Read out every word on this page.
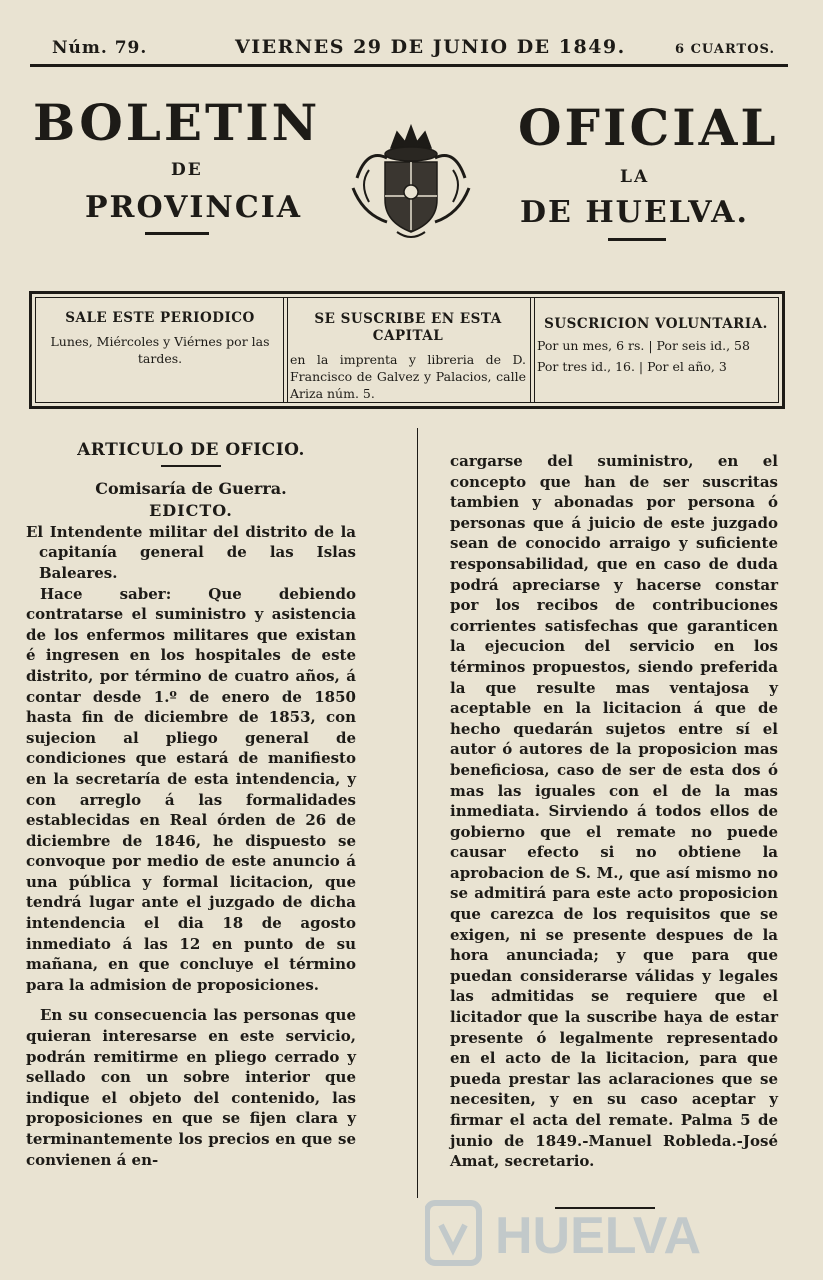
Núm. 79.	VIERNES 29 DE JUNIO DE 1849.	6 CUARTOS.
BOLETIN	OFICIAL
DE	LA
PROVINCIA	DE HUELVA.
SALE ESTE PERIODICO

Lunes, Miércoles y Viérnes por las tardes.

SE SUSCRIBE EN ESTA CAPITAL

en la imprenta y libreria de D. Francisco de Galvez y Palacios, calle Ariza núm. 5.

SUSCRICION VOLUNTARIA.
Por un mes, 6 rs. | Por seis id., 58
Por tres id., 16. | Por el año, 3

ARTICULO DE OFICIO.

Comisaría de Guerra.

EDICTO.

El Intendente militar del distrito de la capitanía general de las Islas Baleares.

Hace saber: Que debiendo contratarse el suministro y asistencia de los enfermos militares que existan é ingresen en los hospitales de este distrito, por término de cuatro años, á contar desde 1.º de enero de 1850 hasta fin de diciembre de 1853, con sujecion al pliego general de condiciones que estará de manifiesto en la secretaría de esta intendencia, y con arreglo á las formalidades establecidas en Real órden de 26 de diciembre de 1846, he dispuesto se convoque por medio de este anuncio á una pública y formal licitacion, que tendrá lugar ante el juzgado de dicha intendencia el dia 18 de agosto inmediato á las 12 en punto de su mañana, en que concluye el término para la admision de proposiciones.

En su consecuencia las personas que quieran interesarse en este servicio, podrán remitirme en pliego cerrado y sellado con un sobre interior que indique el objeto del contenido, las proposiciones en que se fijen clara y terminantemente los precios en que se convienen á en-

cargarse del suministro, en el concepto que han de ser suscritas tambien y abonadas por persona ó personas que á juicio de este juzgado sean de conocido arraigo y suficiente responsabilidad, que en caso de duda podrá apreciarse y hacerse constar por los recibos de contribuciones corrientes satisfechas que garanticen la ejecucion del servicio en los términos propuestos, siendo preferida la que resulte mas ventajosa y aceptable en la licitacion á que de hecho quedarán sujetos entre sí el autor ó autores de la proposicion mas beneficiosa, caso de ser de esta dos ó mas las iguales con el de la mas inmediata. Sirviendo á todos ellos de gobierno que el remate no puede causar efecto si no obtiene la aprobacion de S. M., que así mismo no se admitirá para este acto proposicion que carezca de los requisitos que se exigen, ni se presente despues de la hora anunciada; y que para que puedan considerarse válidas y legales las admitidas se requiere que el licitador que la suscribe haya de estar presente ó legalmente representado en el acto de la licitacion, para que pueda prestar las aclaraciones que se necesiten, y en su caso aceptar y firmar el acta del remate. Palma 5 de junio de 1849.-Manuel Robleda.-José Amat, secretario.

HUELVA
